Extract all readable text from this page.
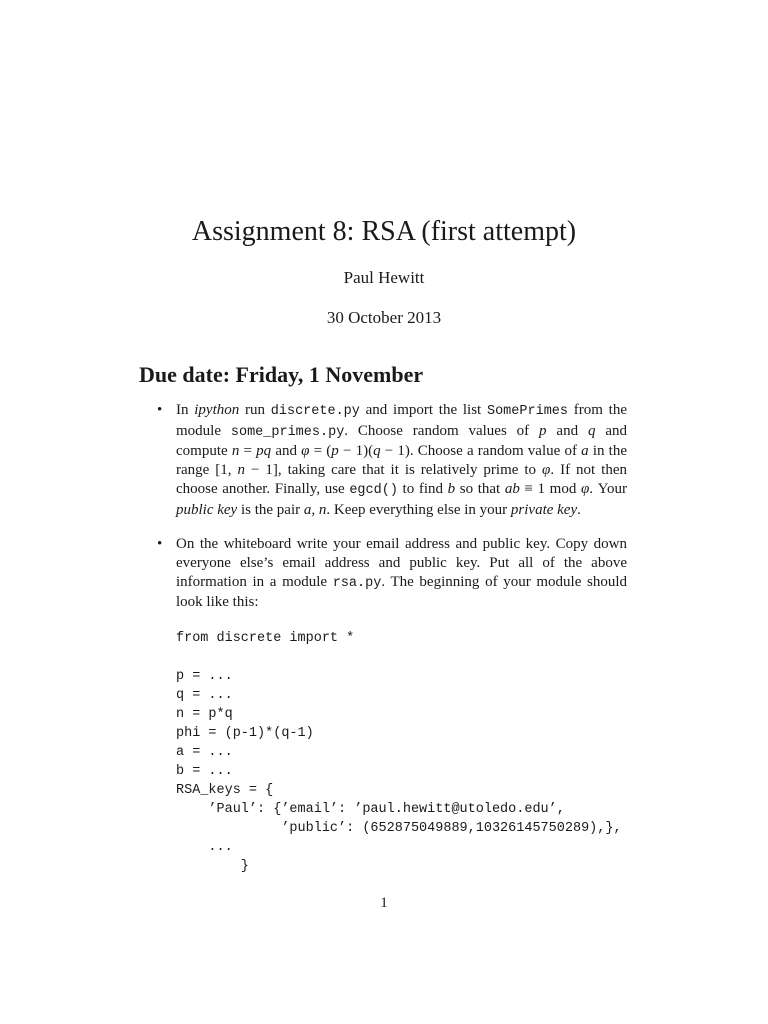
Assignment 8: RSA (first attempt)
Paul Hewitt
30 October 2013
Due date: Friday, 1 November
• In ipython run discrete.py and import the list SomePrimes from the module some_primes.py. Choose random values of p and q and compute n = pq and φ = (p − 1)(q − 1). Choose a random value of a in the range [1, n − 1], taking care that it is relatively prime to φ. If not then choose another. Finally, use egcd() to find b so that ab ≡ 1 mod φ. Your public key is the pair a, n. Keep everything else in your private key.

• On the whiteboard write your email address and public key. Copy down everyone else’s email address and public key. Put all of the above information in a module rsa.py. The beginning of your module should look like this:

from discrete import *
p = ...
q = ...
n = p*q
phi = (p-1)*(q-1)
a = ...
b = ...
RSA_keys = {
’Paul’: {’email’: ’paul.hewitt@utoledo.edu’,
’public’: (652875049889,10326145750289),},
...
}
1
